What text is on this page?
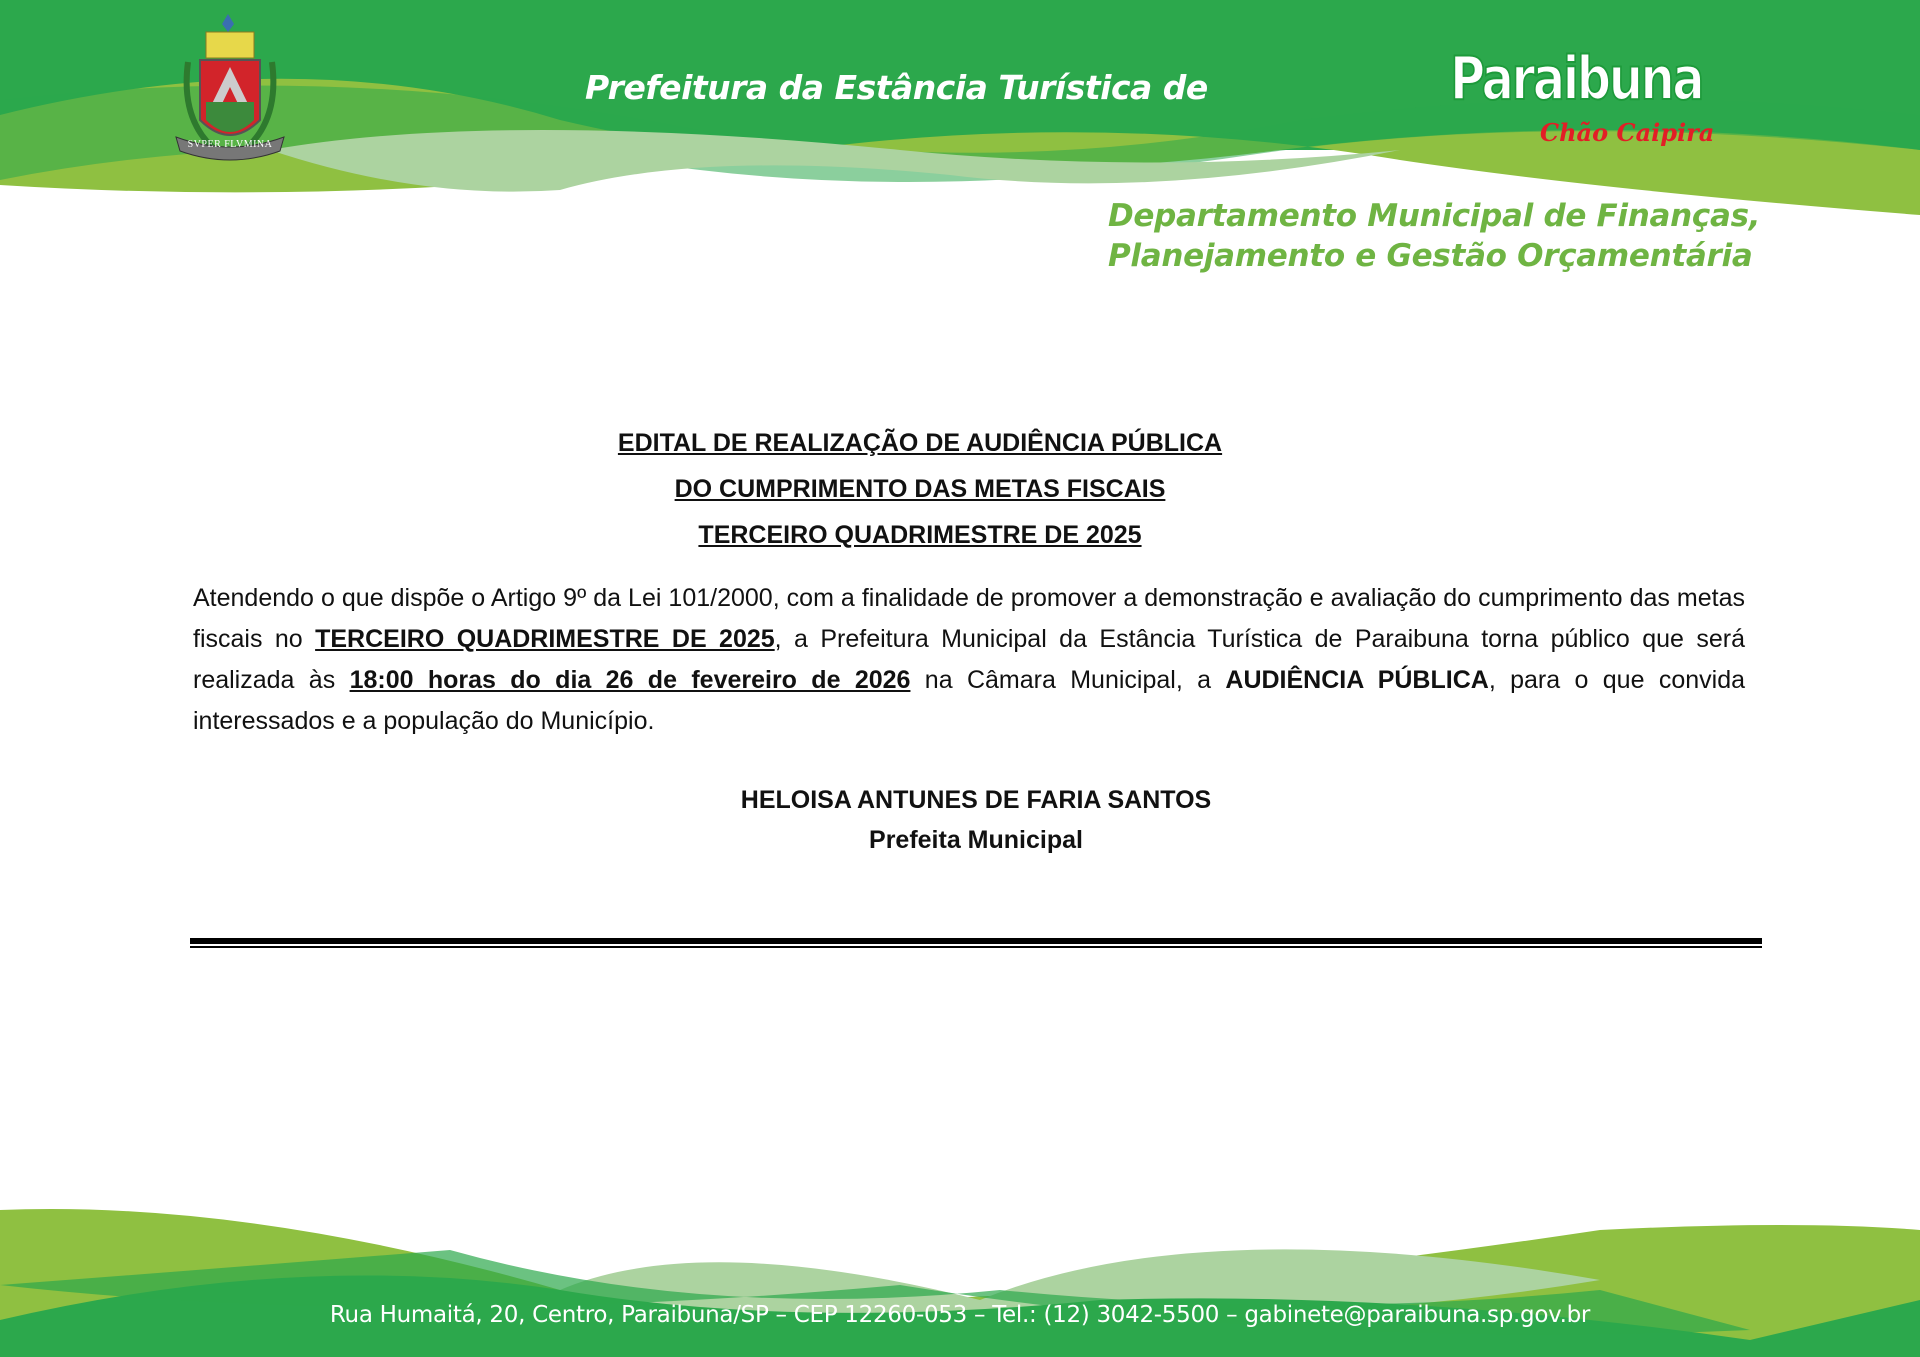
SVPER FLVMINA
Prefeitura da Estância Turística de	Paraibuna
Chão Caipira
Departamento Municipal de Finanças,
Planejamento e Gestão Orçamentária
EDITAL DE REALIZAÇÃO DE AUDIÊNCIA PÚBLICA
DO CUMPRIMENTO DAS METAS FISCAIS
TERCEIRO QUADRIMESTRE DE 2025
Atendendo o que dispõe o Artigo 9º da Lei 101/2000, com a finalidade de promover a demonstração e avaliação do cumprimento das metas fiscais no TERCEIRO QUADRIMESTRE DE 2025, a Prefeitura Municipal da Estância Turística de Paraibuna torna público que será realizada às 18:00 horas do dia 26 de fevereiro de 2026 na Câmara Municipal, a AUDIÊNCIA PÚBLICA, para o que convida interessados e a população do Município.
HELOISA ANTUNES DE FARIA SANTOS
Prefeita Municipal
Rua Humaitá, 20, Centro, Paraibuna/SP – CEP 12260-053 – Tel.: (12) 3042-5500 – gabinete@paraibuna.sp.gov.br
